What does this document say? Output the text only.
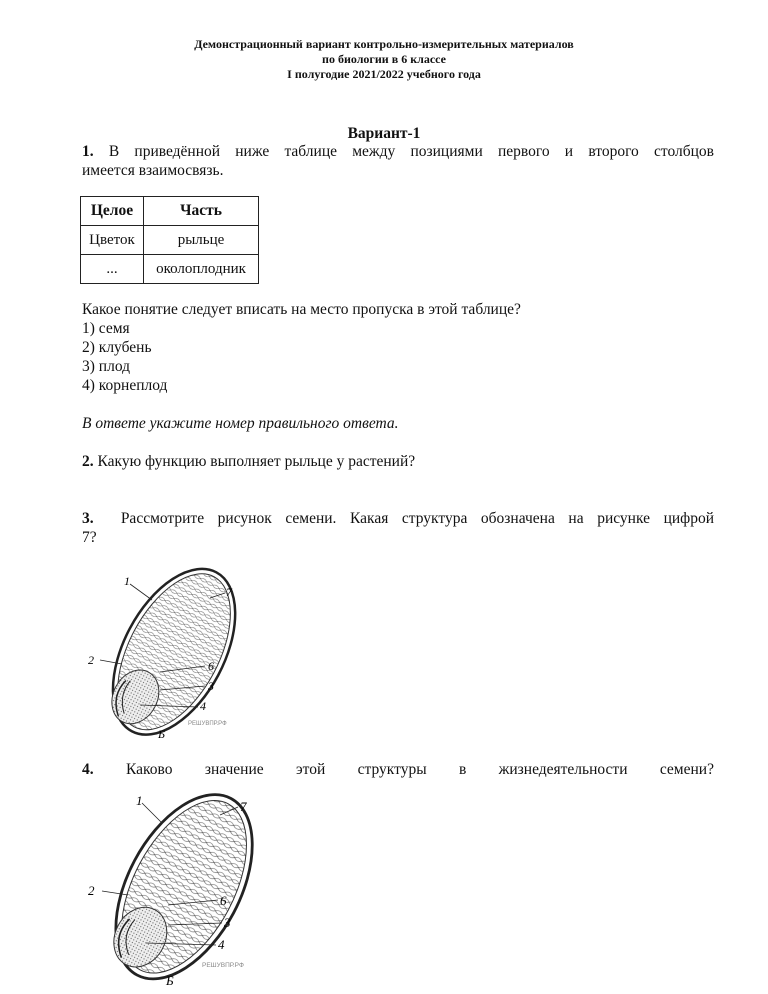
Демонстрационный вариант контрольно-измерительных материалов
по биологии в 6 классе
I полугодие 2021/2022 учебного года
Вариант-1
1. В приведённой ниже таблице между позициями первого и второго столбцов
имеется взаимосвязь.
Целое	Часть
Цветок	рыльце
...	околоплодник
Какое понятие следует вписать на место пропуска в этой таблице?
1) семя
2) клубень
3) плод
4) корнеплод
В ответе укажите номер правильного ответа.
2. Какую функцию выполняет рыльце у растений?
3. Рассмотрите рисунок семени. Какая структура обозначена на рисунке цифрой
7?
1
7
2	6
3
4
Б
РЕШУВПР.РФ
4. Каково значение этой структуры в жизнедеятельности семени?
1	7
2
6
3
4
Б
РЕШУВПР.РФ
